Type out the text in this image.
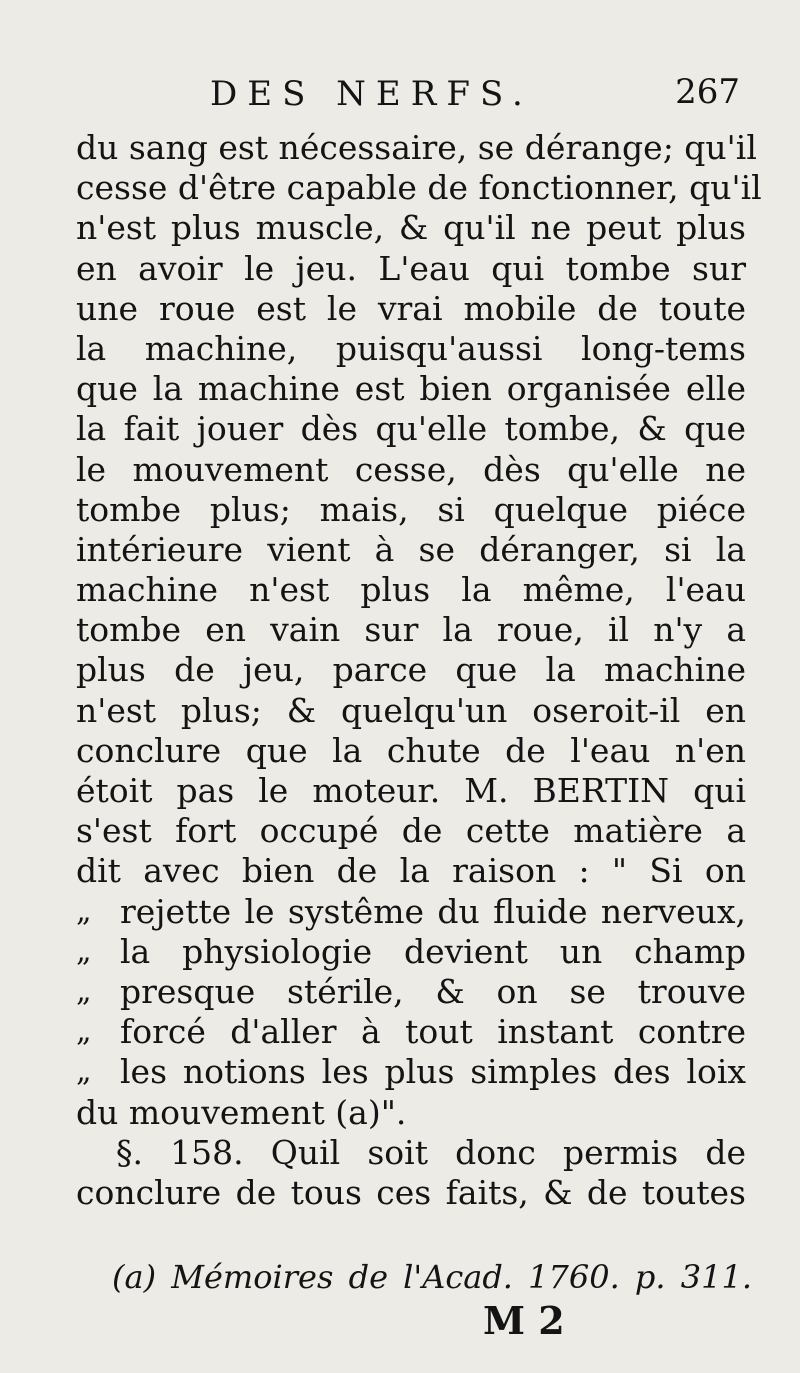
DES NERFS.	267
du sang est nécessaire, se dérange; qu'il
cesse d'être capable de fonctionner, qu'il
n'est plus muscle, & qu'il ne peut plus
en avoir le jeu. L'eau qui tombe sur
une roue est le vrai mobile de toute
la machine, puisqu'aussi long-tems
que la machine est bien organisée elle
la fait jouer dès qu'elle tombe, & que
le mouvement cesse, dès qu'elle ne
tombe plus; mais, si quelque piéce
intérieure vient à se déranger, si la
machine n'est plus la même, l'eau
tombe en vain sur la roue, il n'y a
plus de jeu, parce que la machine
n'est plus; & quelqu'un oseroit-il en
conclure que la chute de l'eau n'en
étoit pas le moteur. M. BERTIN qui
s'est fort occupé de cette matière a
dit avec bien de la raison : " Si on
„ rejette le systême du fluide nerveux,
„ la physiologie devient un champ
„ presque stérile, & on se trouve
„ forcé d'aller à tout instant contre
„ les notions les plus simples des loix
du mouvement (a)".
§. 158. Quil soit donc permis de
conclure de tous ces faits, & de toutes
(a) Mémoires de l'Acad. 1760. p. 311.
M 2
